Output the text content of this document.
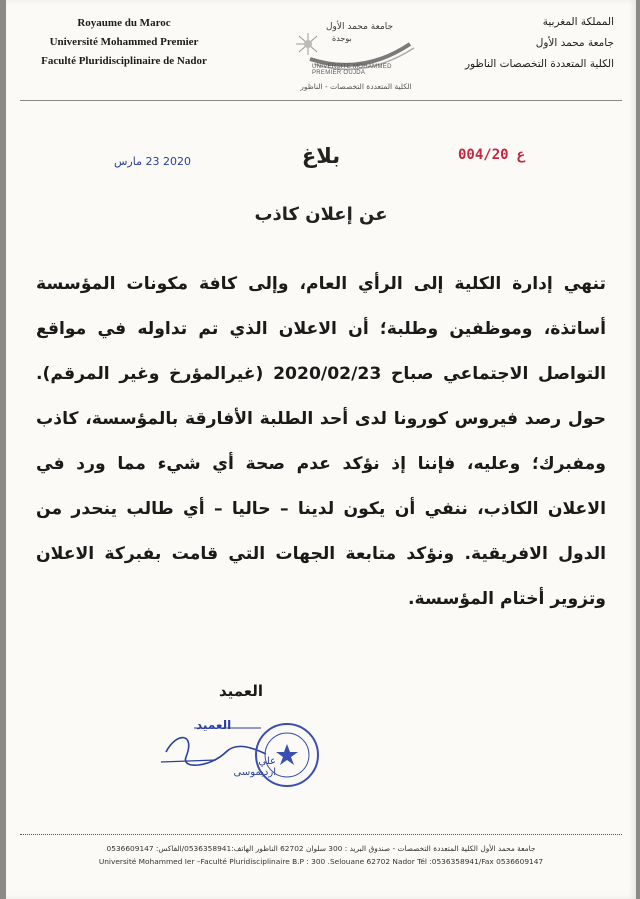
Royaume du Maroc
Université Mohammed Premier
Faculté Pluridisciplinaire de Nador
جامعة محمد الأول
بوجدة
UNIVERSITE MOHAMMED PREMIER OUJDA
الكلية المتعددة التخصصات - الناظور
المملكة المغربية
جامعة محمد الأول
الكلية المتعددة التخصصات الناظور
2020 23 مارس	004/20 ع
بلاغ
عن إعلان كاذب
تنهي إدارة الكلية إلى الرأي العام، وإلى كافة مكونات المؤسسة أساتذة، وموظفين وطلبة؛ أن الاعلان الذي تم تداوله في مواقع التواصل الاجتماعي صباح 2020/02/23 (غيرالمؤرخ وغير المرقم). حول رصد فيروس كورونا لدى أحد الطلبة الأفارقة بالمؤسسة، كاذب ومفبرك؛ وعليه، فإننا إذ نؤكد عدم صحة أي شيء مما ورد في الاعلان الكاذب، ننفي أن يكون لدينا – حاليا – أي طالب ينحدر من الدول الافريقية. ونؤكد متابعة الجهات التي قامت بفبركة الاعلان وتزوير أختام المؤسسة.
العميد
العميد
علي ازديموسى
جامعة محمد الأول الكلية المتعددة التخصصات - صندوق البريد : 300 سلوان 62702 الناظور الهاتف:0536358941/الفاكس: 0536609147
Université Mohammed Ier –Faculté Pluridisciplinaire B.P : 300 .Selouane 62702 Nador Tél :0536358941/Fax 0536609147
